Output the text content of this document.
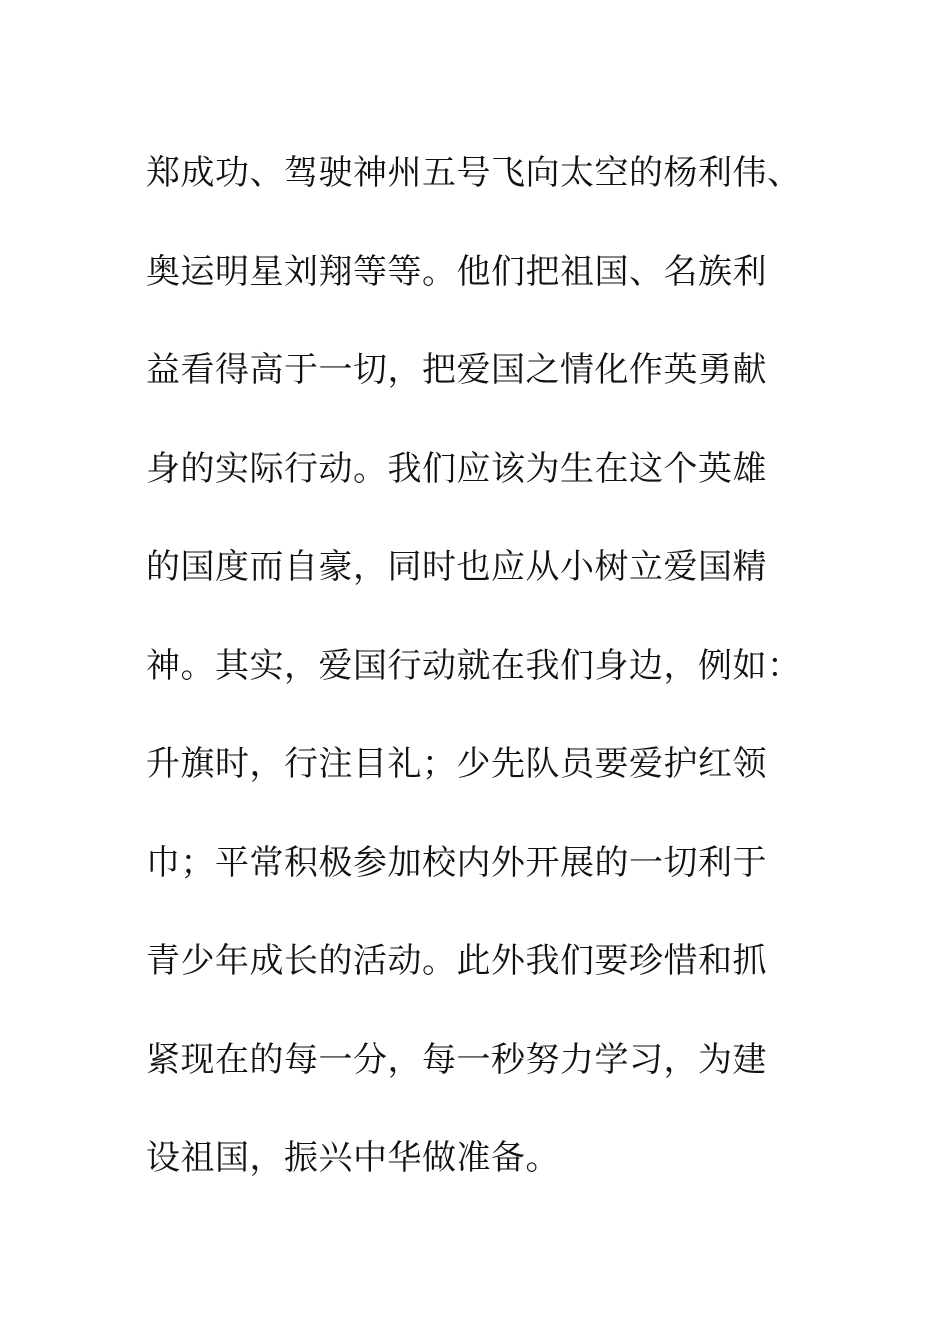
郑成功、驾驶神州五号飞向太空的杨利伟、

奥运明星刘翔等等。他们把祖国、名族利

益看得高于一切，把爱国之情化作英勇献

身的实际行动。我们应该为生在这个英雄

的国度而自豪，同时也应从小树立爱国精

神。其实，爱国行动就在我们身边，例如：

升旗时，行注目礼；少先队员要爱护红领

巾；平常积极参加校内外开展的一切利于

青少年成长的活动。此外我们要珍惜和抓

紧现在的每一分，每一秒努力学习，为建

设祖国，振兴中华做准备。
